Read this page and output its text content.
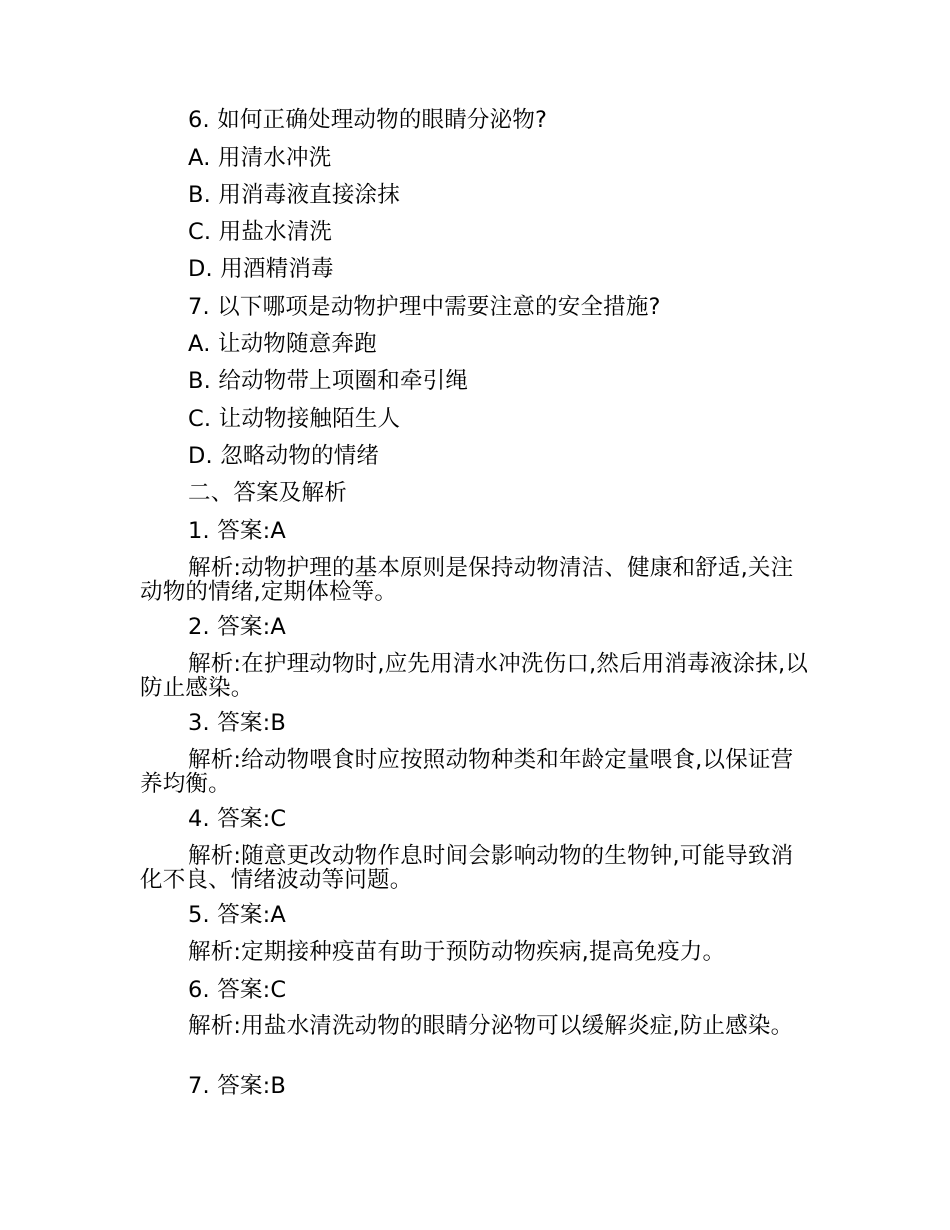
6. 如何正确处理动物的眼睛分泌物?
A. 用清水冲洗
B. 用消毒液直接涂抹
C. 用盐水清洗
D. 用酒精消毒
7. 以下哪项是动物护理中需要注意的安全措施?
A. 让动物随意奔跑
B. 给动物带上项圈和牵引绳
C. 让动物接触陌生人
D. 忽略动物的情绪
二、答案及解析
1. 答案:A
解析:动物护理的基本原则是保持动物清洁、健康和舒适,关注动物的情绪,定期体检等。
2. 答案:A
解析:在护理动物时,应先用清水冲洗伤口,然后用消毒液涂抹,以防止感染。
3. 答案:B
解析:给动物喂食时应按照动物种类和年龄定量喂食,以保证营养均衡。
4. 答案:C
解析:随意更改动物作息时间会影响动物的生物钟,可能导致消化不良、情绪波动等问题。
5. 答案:A
解析:定期接种疫苗有助于预防动物疾病,提高免疫力。
6. 答案:C
解析:用盐水清洗动物的眼睛分泌物可以缓解炎症,防止感染。
7. 答案:B
